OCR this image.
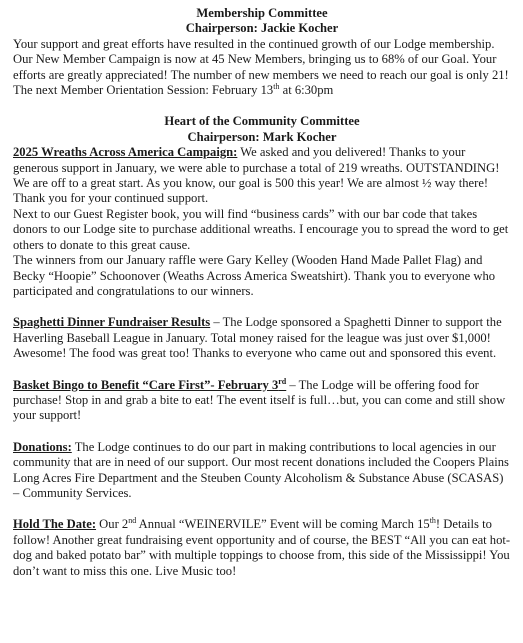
Membership Committee
Chairperson: Jackie Kocher

Your support and great efforts have resulted in the continued growth of our Lodge membership.

Our New Member Campaign is now at 45 New Members, bringing us to 68% of our Goal. Your efforts are greatly appreciated! The number of new members we need to reach our goal is only 21!

The next Member Orientation Session: February 13th at 6:30pm

Heart of the Community Committee
Chairperson: Mark Kocher

2025 Wreaths Across America Campaign: We asked and you delivered! Thanks to your generous support in January, we were able to purchase a total of 219 wreaths. OUTSTANDING! We are off to a great start. As you know, our goal is 500 this year! We are almost ½ way there! Thank you for your continued support.

Next to our Guest Register book, you will find “business cards” with our bar code that takes donors to our Lodge site to purchase additional wreaths. I encourage you to spread the word to get others to donate to this great cause.

The winners from our January raffle were Gary Kelley (Wooden Hand Made Pallet Flag) and Becky “Hoopie” Schoonover (Weaths Across America Sweatshirt). Thank you to everyone who participated and congratulations to our winners.

Spaghetti Dinner Fundraiser Results – The Lodge sponsored a Spaghetti Dinner to support the Haverling Baseball League in January. Total money raised for the league was just over $1,000! Awesome! The food was great too! Thanks to everyone who came out and sponsored this event.

Basket Bingo to Benefit “Care First”- February 3rd – The Lodge will be offering food for purchase! Stop in and grab a bite to eat! The event itself is full…but, you can come and still show your support!

Donations: The Lodge continues to do our part in making contributions to local agencies in our community that are in need of our support. Our most recent donations included the Coopers Plains Long Acres Fire Department and the Steuben County Alcoholism & Substance Abuse (SCASAS) – Community Services.

Hold The Date: Our 2nd Annual “WEINERVILE” Event will be coming March 15th! Details to follow! Another great fundraising event opportunity and of course, the BEST “All you can eat hot-dog and baked potato bar” with multiple toppings to choose from, this side of the Mississippi! You don’t want to miss this one. Live Music too!
